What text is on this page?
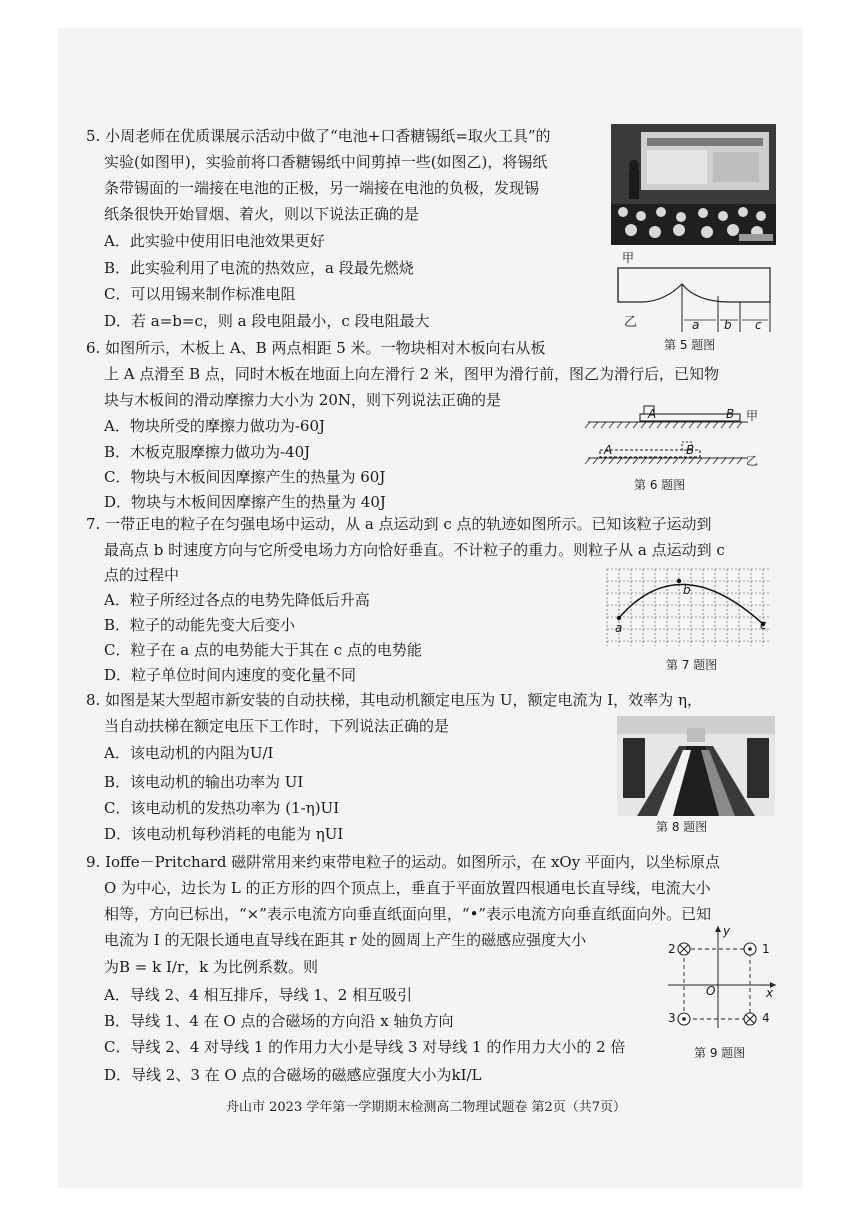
5. 小周老师在优质课展示活动中做了“电池+口香糖锡纸=取火工具”的
实验(如图甲)，实验前将口香糖锡纸中间剪掉一些(如图乙)，将锡纸
条带锡面的一端接在电池的正极，另一端接在电池的负极，发现锡
纸条很快开始冒烟、着火，则以下说法正确的是
A．此实验中使用旧电池效果更好
B．此实验利用了电流的热效应，a 段最先燃烧
C．可以用锡来制作标准电阻
D．若 a=b=c，则 a 段电阻最小，c 段电阻最大
甲
乙	a b c
第 5 题图
6. 如图所示，木板上 A、B 两点相距 5 米。一物块相对木板向右从板
上 A 点滑至 B 点，同时木板在地面上向左滑行 2 米，图甲为滑行前，图乙为滑行后，已知物
块与木板间的滑动摩擦力大小为 20N，则下列说法正确的是
A．物块所受的摩擦力做功为-60J
B．木板克服摩擦力做功为-40J
C．物块与木板间因摩擦产生的热量为 60J
D．物块与木板间因摩擦产生的热量为 40J
A	B 甲
A	B
乙
第 6 题图
7. 一带正电的粒子在匀强电场中运动，从 a 点运动到 c 点的轨迹如图所示。已知该粒子运动到
最高点 b 时速度方向与它所受电场力方向恰好垂直。不计粒子的重力。则粒子从 a 点运动到 c
点的过程中
A．粒子所经过各点的电势先降低后升高
B．粒子的动能先变大后变小
C．粒子在 a 点的电势能大于其在 c 点的电势能
D．粒子单位时间内速度的变化量不同
a
b
c
第 7 题图
8. 如图是某大型超市新安装的自动扶梯，其电动机额定电压为 U，额定电流为 I，效率为 η，
当自动扶梯在额定电压下工作时，下列说法正确的是
A．该电动机的内阻为U/I
B．该电动机的输出功率为 UI
C．该电动机的发热功率为 (1-η)UI
D．该电动机每秒消耗的电能为 ηUI	第 8 题图
9. Ioffe－Pritchard 磁阱常用来约束带电粒子的运动。如图所示，在 xOy 平面内，以坐标原点
O 为中心，边长为 L 的正方形的四个顶点上，垂直于平面放置四根通电长直导线，电流大小
相等，方向已标出，“×”表示电流方向垂直纸面向里，“•”表示电流方向垂直纸面向外。已知
电流为 I 的无限长通电直导线在距其 r 处的圆周上产生的磁感应强度大小
为B = k I/r，k 为比例系数。则
A．导线 2、4 相互排斥，导线 1、2 相互吸引
B．导线 1、4 在 O 点的合磁场的方向沿 x 轴负方向
C．导线 2、4 对导线 1 的作用力大小是导线 3 对导线 1 的作用力大小的 2 倍
D．导线 2、3 在 O 点的合磁场的磁感应强度大小为kI/L
2	1
3	4
x
y
O
第 9 题图
舟山市 2023 学年第一学期期末检测高二物理试题卷 第2页（共7页）
